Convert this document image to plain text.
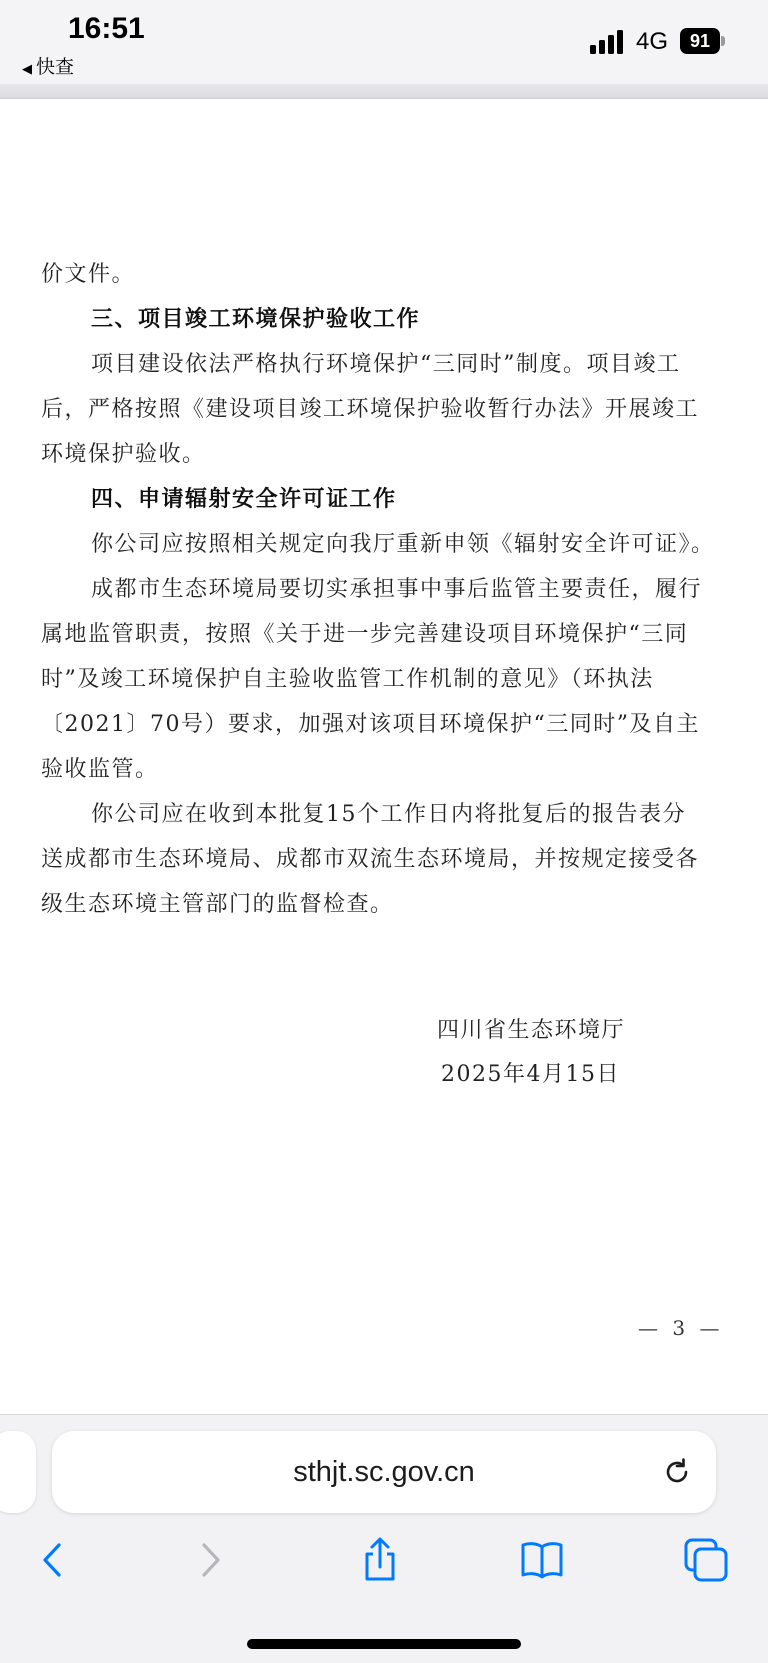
16:51
◀ 快查
4G	91
价文件。
三、项目竣工环境保护验收工作
项目建设依法严格执行环境保护“三同时”制度。项目竣工
后，严格按照《建设项目竣工环境保护验收暂行办法》开展竣工
环境保护验收。
四、申请辐射安全许可证工作
你公司应按照相关规定向我厅重新申领《辐射安全许可证》。
成都市生态环境局要切实承担事中事后监管主要责任，履行
属地监管职责，按照《关于进一步完善建设项目环境保护“三同
时”及竣工环境保护自主验收监管工作机制的意见》（环执法
〔2021〕70号）要求，加强对该项目环境保护“三同时”及自主
验收监管。
你公司应在收到本批复15个工作日内将批复后的报告表分
送成都市生态环境局、成都市双流生态环境局，并按规定接受各
级生态环境主管部门的监督检查。
四川省生态环境厅
2025年4月15日
— 3 —
sthjt.sc.gov.cn
